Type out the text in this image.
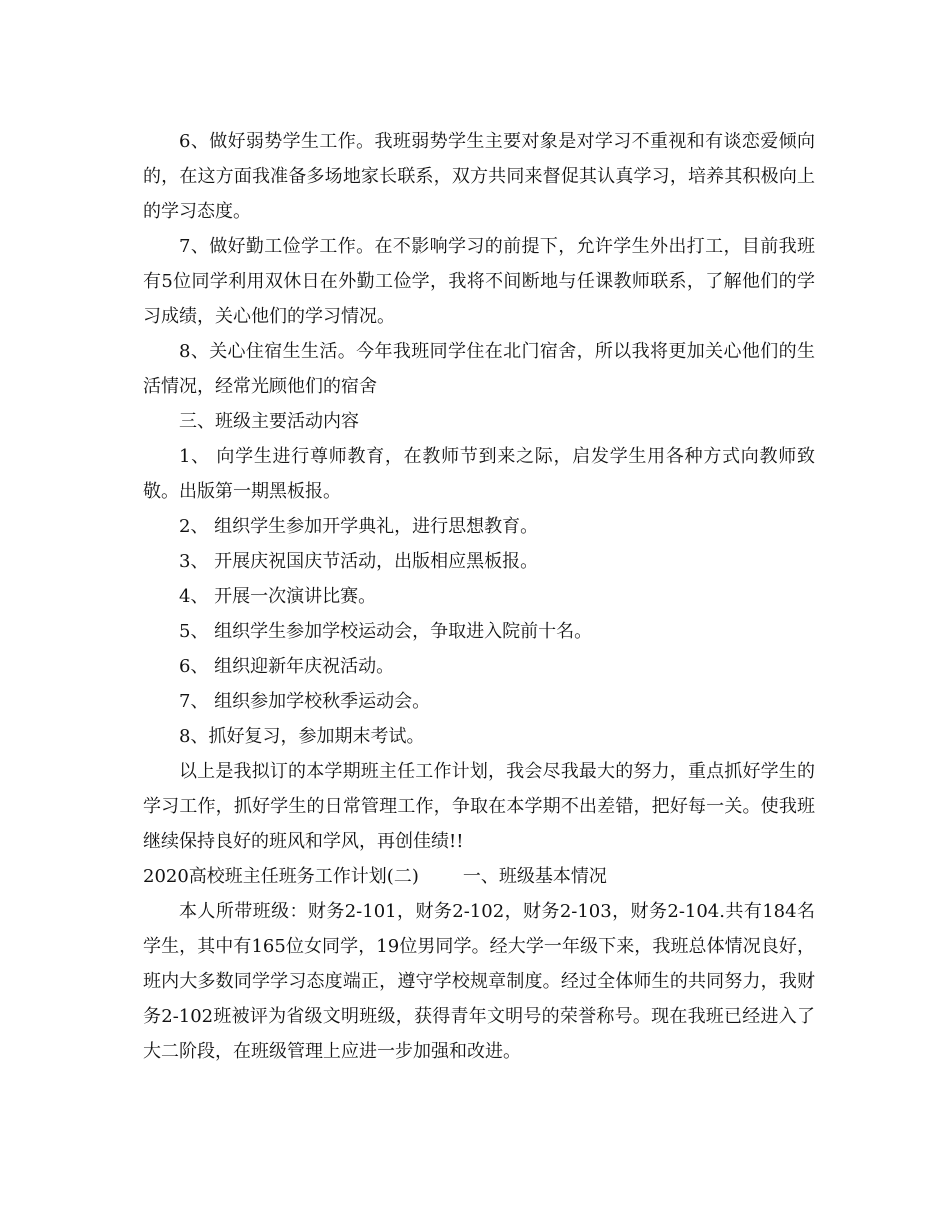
6、做好弱势学生工作。我班弱势学生主要对象是对学习不重视和有谈恋爱倾向的，在这方面我准备多场地家长联系，双方共同来督促其认真学习，培养其积极向上的学习态度。

7、做好勤工俭学工作。在不影响学习的前提下，允许学生外出打工，目前我班有5位同学利用双休日在外勤工俭学，我将不间断地与任课教师联系，了解他们的学习成绩，关心他们的学习情况。

8、关心住宿生生活。今年我班同学住在北门宿舍，所以我将更加关心他们的生活情况，经常光顾他们的宿舍

三、班级主要活动内容

1、 向学生进行尊师教育，在教师节到来之际，启发学生用各种方式向教师致敬。出版第一期黑板报。

2、 组织学生参加开学典礼，进行思想教育。

3、 开展庆祝国庆节活动，出版相应黑板报。

4、 开展一次演讲比赛。

5、 组织学生参加学校运动会，争取进入院前十名。

6、 组织迎新年庆祝活动。

7、 组织参加学校秋季运动会。

8、抓好复习，参加期末考试。

以上是我拟订的本学期班主任工作计划，我会尽我最大的努力，重点抓好学生的学习工作，抓好学生的日常管理工作，争取在本学期不出差错，把好每一关。使我班继续保持良好的班风和学风，再创佳绩!!

2020高校班主任班务工作计划(二) 一、班级基本情况

本人所带班级：财务2-101，财务2-102，财务2-103，财务2-104.共有184名学生，其中有165位女同学，19位男同学。经大学一年级下来，我班总体情况良好，班内大多数同学学习态度端正，遵守学校规章制度。经过全体师生的共同努力，我财务2-102班被评为省级文明班级，获得青年文明号的荣誉称号。现在我班已经进入了大二阶段，在班级管理上应进一步加强和改进。
